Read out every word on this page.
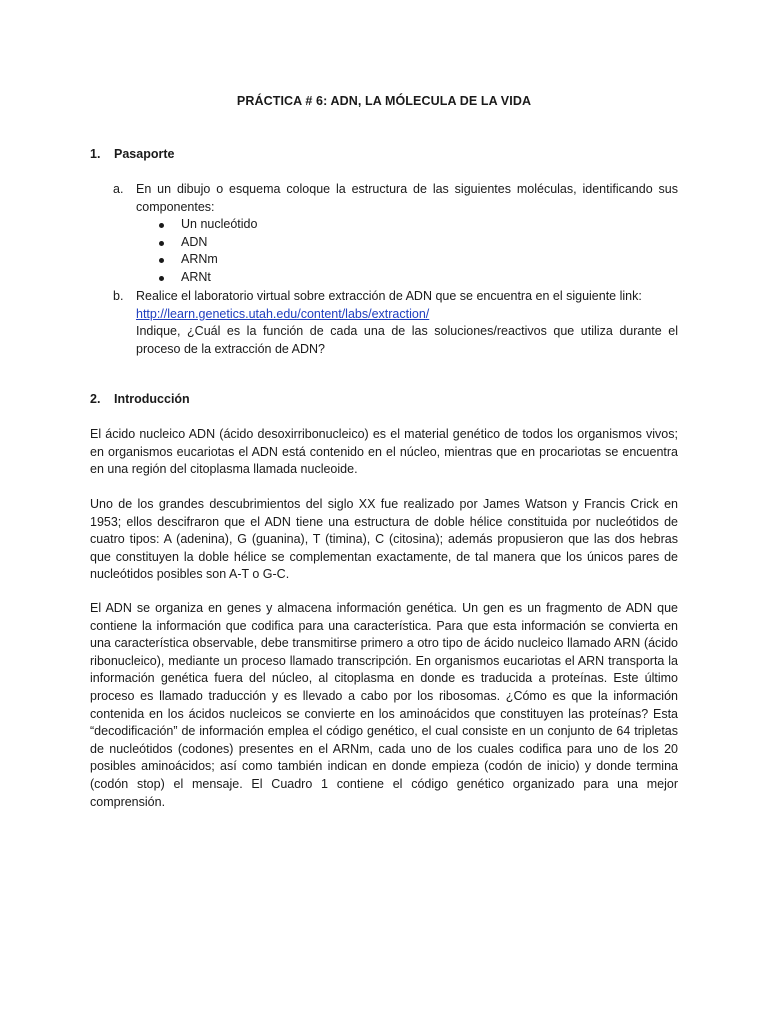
PRÁCTICA # 6: ADN, LA MÓLECULA DE LA VIDA
1. Pasaporte
a. En un dibujo o esquema coloque la estructura de las siguientes moléculas, identificando sus componentes:
Un nucleótido
ADN
ARNm
ARNt
b. Realice el laboratorio virtual sobre extracción de ADN que se encuentra en el siguiente link:
http://learn.genetics.utah.edu/content/labs/extraction/
Indique, ¿Cuál es la función de cada una de las soluciones/reactivos que utiliza durante el proceso de la extracción de ADN?
2. Introducción

El ácido nucleico ADN (ácido desoxirribonucleico) es el material genético de todos los organismos vivos; en organismos eucariotas el ADN está contenido en el núcleo, mientras que en procariotas se encuentra en una región del citoplasma llamada nucleoide.

Uno de los grandes descubrimientos del siglo XX fue realizado por James Watson y Francis Crick en 1953; ellos descifraron que el ADN tiene una estructura de doble hélice constituida por nucleótidos de cuatro tipos: A (adenina), G (guanina), T (timina), C (citosina); además propusieron que las dos hebras que constituyen la doble hélice se complementan exactamente, de tal manera que los únicos pares de nucleótidos posibles son A-T o G-C.

El ADN se organiza en genes y almacena información genética. Un gen es un fragmento de ADN que contiene la información que codifica para una característica. Para que esta información se convierta en una característica observable, debe transmitirse primero a otro tipo de ácido nucleico llamado ARN (ácido ribonucleico), mediante un proceso llamado transcripción. En organismos eucariotas el ARN transporta la información genética fuera del núcleo, al citoplasma en donde es traducida a proteínas. Este último proceso es llamado traducción y es llevado a cabo por los ribosomas. ¿Cómo es que la información contenida en los ácidos nucleicos se convierte en los aminoácidos que constituyen las proteínas? Esta “decodificación” de información emplea el código genético, el cual consiste en un conjunto de 64 tripletas de nucleótidos (codones) presentes en el ARNm, cada uno de los cuales codifica para uno de los 20 posibles aminoácidos; así como también indican en donde empieza (codón de inicio) y donde termina (codón stop) el mensaje. El Cuadro 1 contiene el código genético organizado para una mejor comprensión.
